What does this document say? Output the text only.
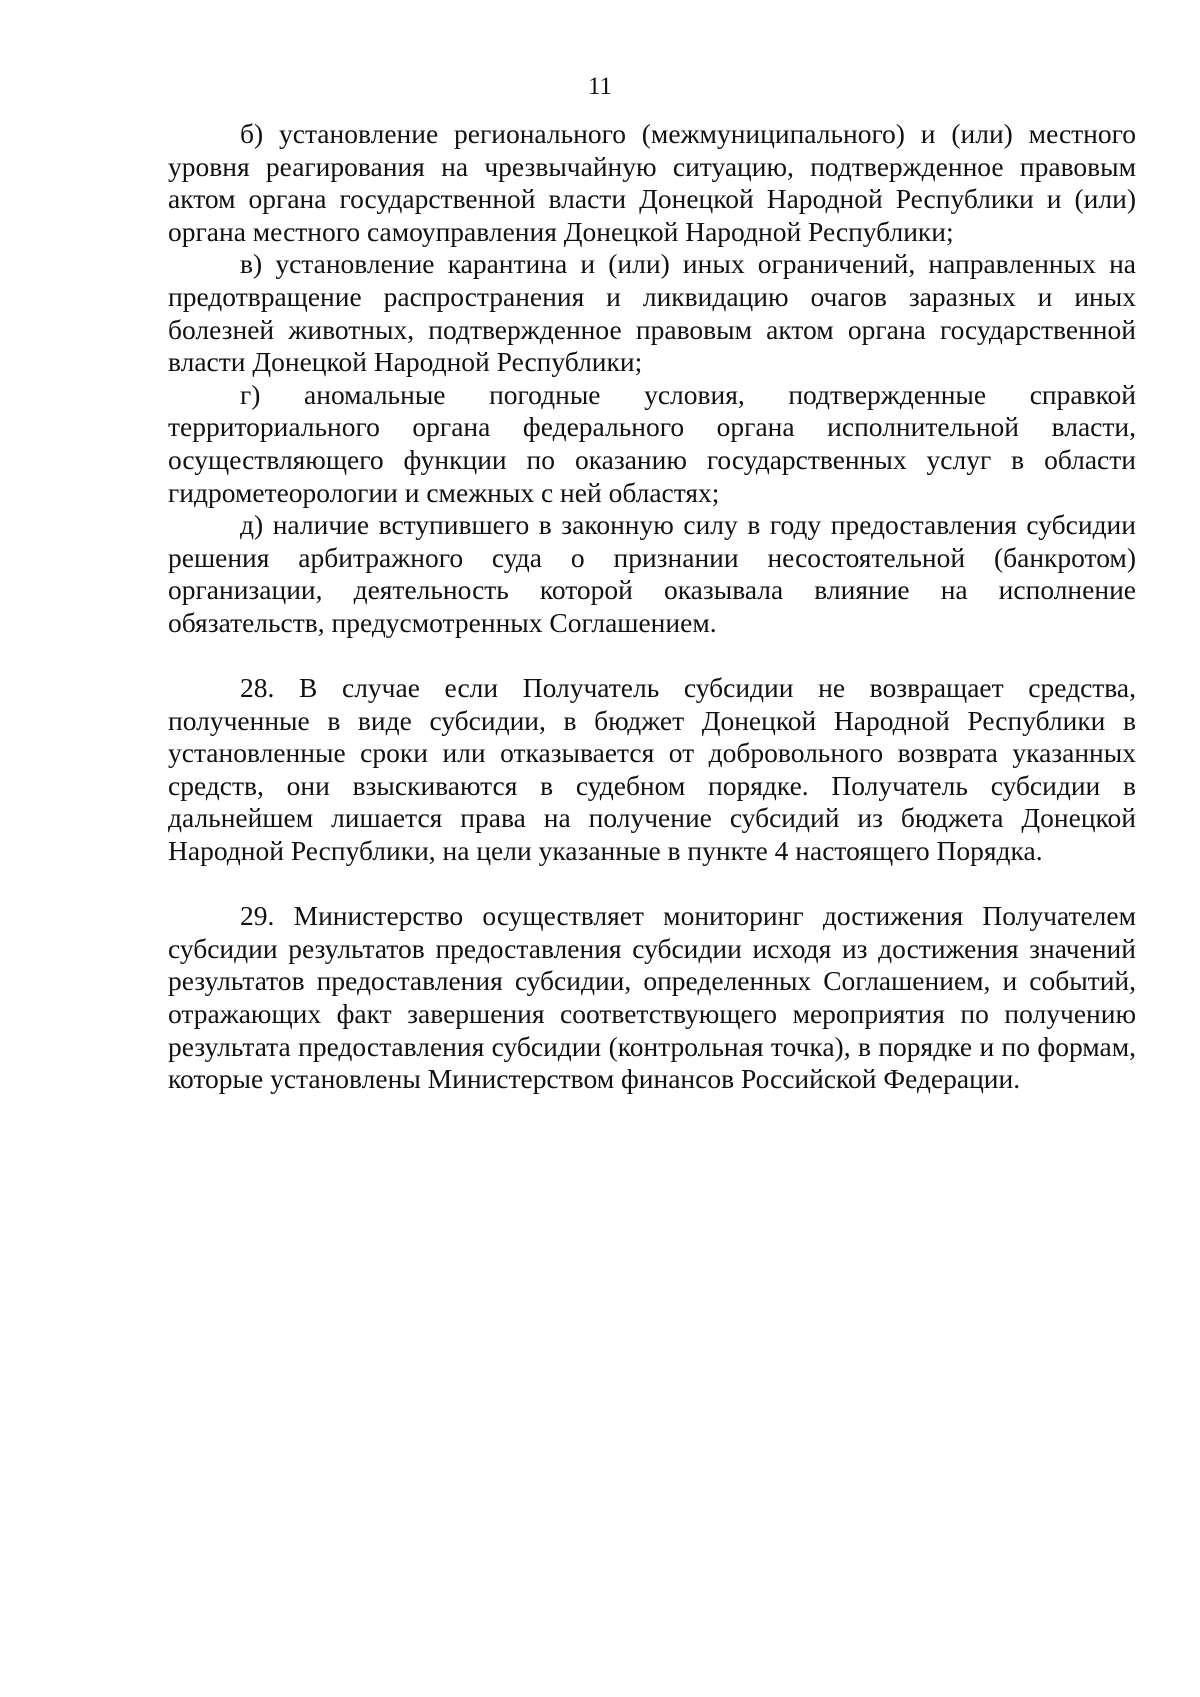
11

б) установление регионального (межмуниципального) и (или) местного уровня реагирования на чрезвычайную ситуацию, подтвержденное правовым актом органа государственной власти Донецкой Народной Республики и (или) органа местного самоуправления Донецкой Народной Республики;

в) установление карантина и (или) иных ограничений, направленных на предотвращение распространения и ликвидацию очагов заразных и иных болезней животных, подтвержденное правовым актом органа государственной власти Донецкой Народной Республики;

г) аномальные погодные условия, подтвержденные справкой территориального органа федерального органа исполнительной власти, осуществляющего функции по оказанию государственных услуг в области гидрометеорологии и смежных с ней областях;

д) наличие вступившего в законную силу в году предоставления субсидии решения арбитражного суда о признании несостоятельной (банкротом) организации, деятельность которой оказывала влияние на исполнение обязательств, предусмотренных Соглашением.

28. В случае если Получатель субсидии не возвращает средства, полученные в виде субсидии, в бюджет Донецкой Народной Республики в установленные сроки или отказывается от добровольного возврата указанных средств, они взыскиваются в судебном порядке. Получатель субсидии в дальнейшем лишается права на получение субсидий из бюджета Донецкой Народной Республики, на цели указанные в пункте 4 настоящего Порядка.

29. Министерство осуществляет мониторинг достижения Получателем субсидии результатов предоставления субсидии исходя из достижения значений результатов предоставления субсидии, определенных Соглашением, и событий, отражающих факт завершения соответствующего мероприятия по получению результата предоставления субсидии (контрольная точка), в порядке и по формам, которые установлены Министерством финансов Российской Федерации.
